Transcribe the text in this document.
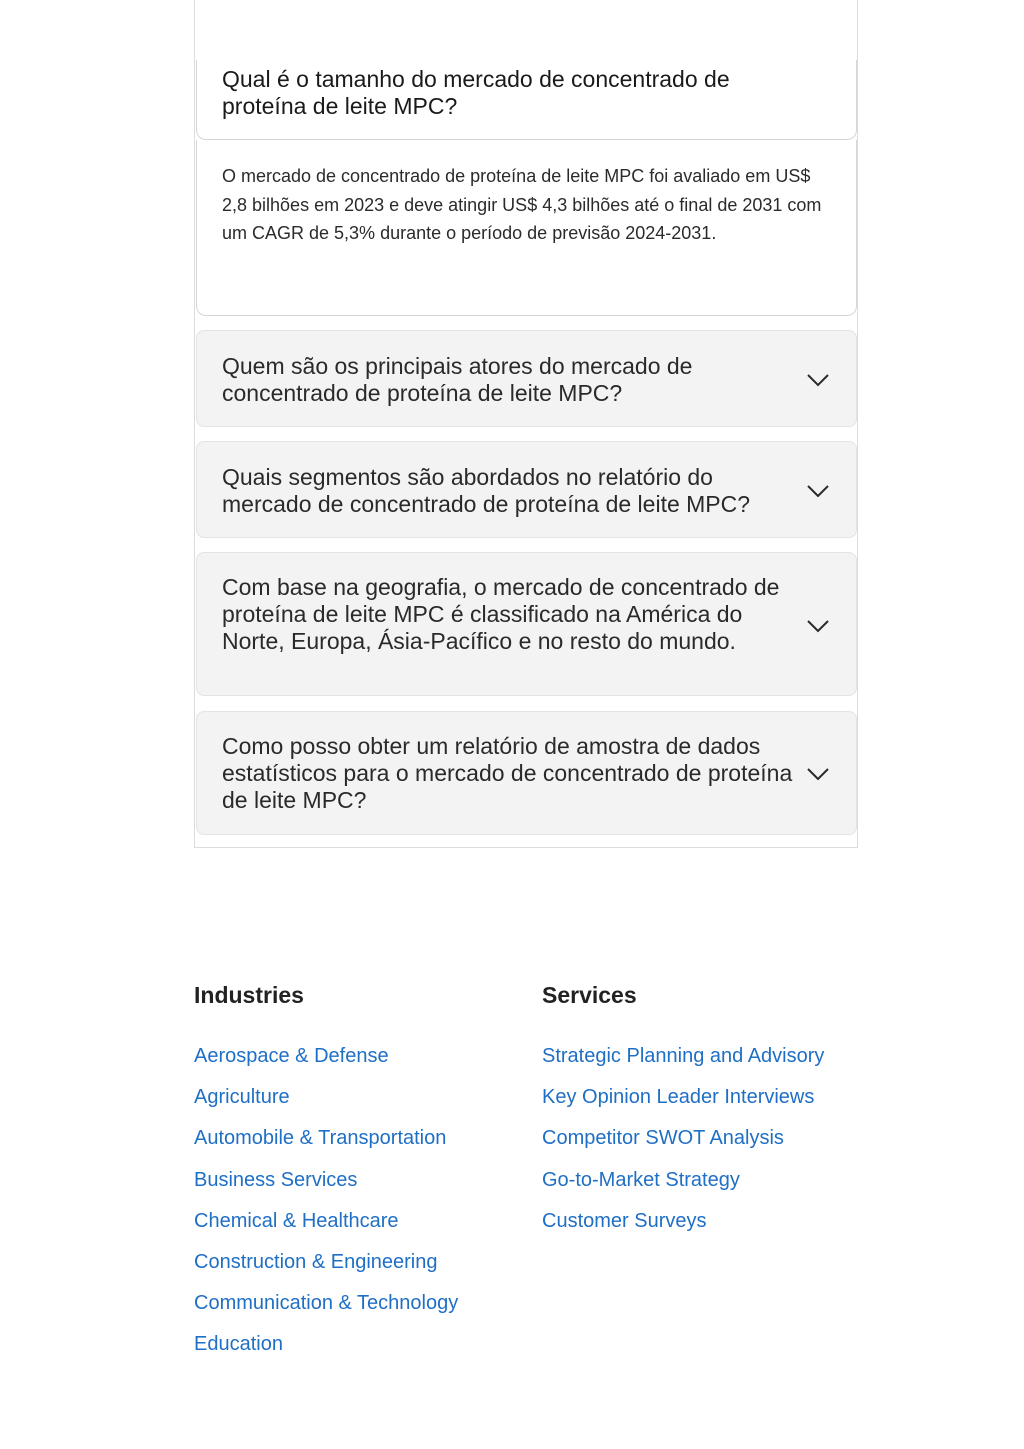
Qual é o tamanho do mercado de concentrado de proteína de leite MPC?

O mercado de concentrado de proteína de leite MPC foi avaliado em US$ 2,8 bilhões em 2023 e deve atingir US$ 4,3 bilhões até o final de 2031 com um CAGR de 5,3% durante o período de previsão 2024-2031.

Quem são os principais atores do mercado de concentrado de proteína de leite MPC?
Quais segmentos são abordados no relatório do mercado de concentrado de proteína de leite MPC?
Com base na geografia, o mercado de concentrado de proteína de leite MPC é classificado na América do Norte, Europa, Ásia-Pacífico e no resto do mundo.
Como posso obter um relatório de amostra de dados estatísticos para o mercado de concentrado de proteína de leite MPC?
Industries
Aerospace & Defense
Agriculture
Automobile & Transportation
Business Services
Chemical & Healthcare
Construction & Engineering
Communication & Technology
Education
Services
Strategic Planning and Advisory
Key Opinion Leader Interviews
Competitor SWOT Analysis
Go-to-Market Strategy
Customer Surveys
